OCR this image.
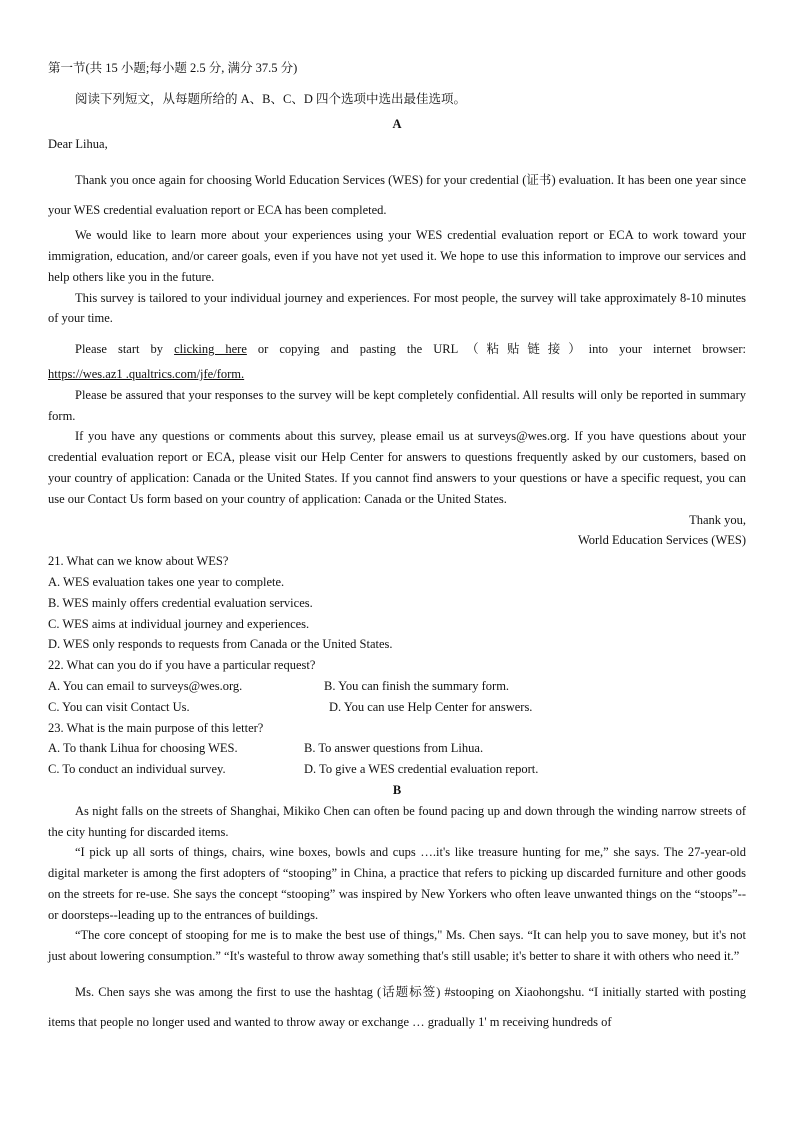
第一节(共 15 小题;每小题 2.5 分, 满分 37.5 分)

阅读下列短文，从每题所给的 A、B、C、D 四个选项中选出最佳选项。

A

Dear Lihua,

Thank you once again for choosing World Education Services (WES) for your credential (证书) evaluation. It has been one year since your WES credential evaluation report or ECA has been completed.

We would like to learn more about your experiences using your WES credential evaluation report or ECA to work toward your immigration, education, and/or career goals, even if you have not yet used it. We hope to use this information to improve our services and help others like you in the future.

This survey is tailored to your individual journey and experiences. For most people, the survey will take approximately 8-10 minutes of your time.

Please start by clicking here or copying and pasting the URL（粘贴链接）into your internet browser:

https://wes.az1 .qualtrics.com/jfe/form.

Please be assured that your responses to the survey will be kept completely confidential. All results will only be reported in summary form.

If you have any questions or comments about this survey, please email us at surveys@wes.org. If you have questions about your credential evaluation report or ECA, please visit our Help Center for answers to questions frequently asked by our customers, based on your country of application: Canada or the United States. If you cannot find answers to your questions or have a specific request, you can use our Contact Us form based on your country of application: Canada or the United States.

Thank you,

World Education Services (WES)

21. What can we know about WES?

A. WES evaluation takes one year to complete.

B. WES mainly offers credential evaluation services.

C. WES aims at individual journey and experiences.

D. WES only responds to requests from Canada or the United States.

22. What can you do if you have a particular request?

A. You can email to surveys@wes.org.	B. You can finish the summary form.
C. You can visit Contact Us.	D. You can use Help Center for answers.

23. What is the main purpose of this letter?

A. To thank Lihua for choosing WES.	B. To answer questions from Lihua.
C. To conduct an individual survey.	D. To give a WES credential evaluation report.

B

As night falls on the streets of Shanghai, Mikiko Chen can often be found pacing up and down through the winding narrow streets of the city hunting for discarded items.

“I pick up all sorts of things, chairs, wine boxes, bowls and cups ….it's like treasure hunting for me,” she says. The 27-year-old digital marketer is among the first adopters of “stooping” in China, a practice that refers to picking up discarded furniture and other goods on the streets for re-use. She says the concept “stooping” was inspired by New Yorkers who often leave unwanted things on the “stoops”-- or doorsteps--leading up to the entrances of buildings.

“The core concept of stooping for me is to make the best use of things," Ms. Chen says. “It can help you to save money, but it's not just about lowering consumption.” “It's wasteful to throw away something that's still usable; it's better to share it with others who need it.”

Ms. Chen says she was among the first to use the hashtag (话题标签) #stooping on Xiaohongshu. “I initially started with posting items that people no longer used and wanted to throw away or exchange … gradually 1' m receiving hundreds of
